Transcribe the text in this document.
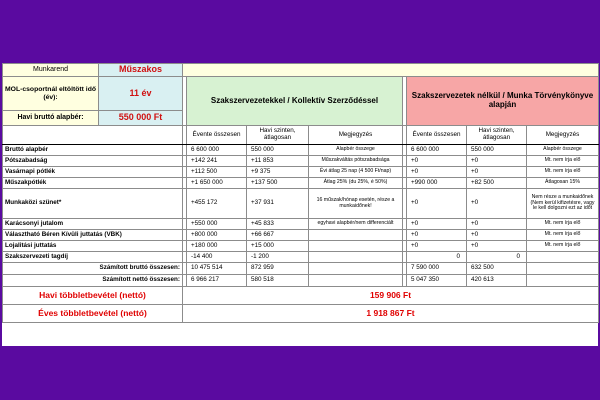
Munkarend	Műszakos								
MOL-csoportnál eltöltött idő (év):	11 év		Szakszervezetekkel / Kollektív Szerződéssel				Szakszervezetek nélkül / Munka Törvénykönyve alapján		
Havi bruttó alapbér:	550 000 Ft								
			Évente összesen	Havi szinten, átlagosan	Megjegyzés		Évente összesen	Havi szinten, átlagosan	Megjegyzés
Bruttó alapbér			6 600 000	550 000	Alapbér összege		6 600 000	550 000	Alapbér összege
Pótszabadság			+142 241	+11 853	Műszakváltás pótszabadsága		+0	+0	Mt. nem írja elő
Vasárnapi pótlék			+112 500	+9 375	Évi átlag 25 nap (4 500 Ft/nap)		+0	+0	Mt. nem írja elő
Műszakpótlék			+1 650 000	+137 500	Átlag 25% (du 25%, é 50%)		+990 000	+82 500	Átlagosan 15%
Munkaközi szünet*			+455 172	+37 931	16 műszak/hónap esetén, része a munkaidőnek!		+0	+0	Nem része a munkaidőnek (Nem kerül kifizetésre, vagy le kell dolgozni ezt az időt
Karácsonyi jutalom			+550 000	+45 833	egyhavi alapbér/nem differenciált		+0	+0	Mt. nem írja elő
Választható Béren Kívüli juttatás (VBK)			+800 000	+66 667			+0	+0	Mt. nem írja elő
Lojalitási juttatás			+180 000	+15 000			+0	+0	Mt. nem írja elő
Szakszervezeti tagdíj			-14 400	-1 200			0	0	
Számított bruttó összesen:			10 475 514	872 959			7 590 000	632 500	
Számított nettó összesen:			6 966 217	580 518			5 047 350	420 613	
Havi többletbevétel (nettó)		159 906 Ft							
Éves többletbevétel (nettó)		1 918 867 Ft							
